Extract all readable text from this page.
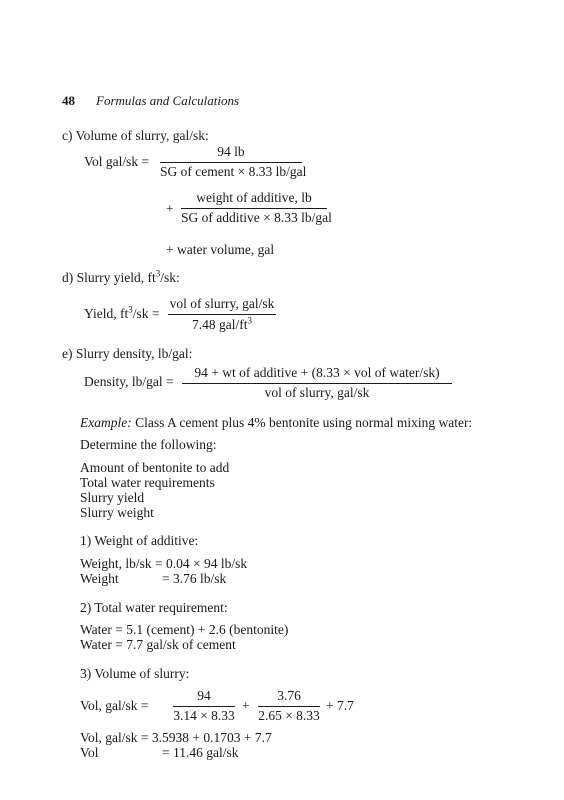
48 Formulas and Calculations
c) Volume of slurry, gal/sk:
Vol gal/sk =
94 lb
SG of cement × 8.33 lb/gal
+
weight of additive, lb
SG of additive × 8.33 lb/gal
+ water volume, gal
d) Slurry yield, $ft^3/sk$:
Yield, $ft^3/sk$ =
vol of slurry, gal/sk
7.48 gal/$ft^3$
e) Slurry density, lb/gal:
Density, lb/gal =
94 + wt of additive + (8.33 × vol of water/sk)
vol of slurry, gal/sk
Example: Class A cement plus 4% bentonite using normal mixing water:
Determine the following:
Amount of bentonite to add
Total water requirements
Slurry yield
Slurry weight
1) Weight of additive:
Weight, lb/sk = 0.04 × 94 lb/sk
Weight	= 3.76 lb/sk
2) Total water requirement:
Water = 5.1 (cement) + 2.6 (bentonite)
Water = 7.7 gal/sk of cement
3) Volume of slurry:
Vol, gal/sk =
94
3.14 × 8.33
+
3.76
2.65 × 8.33
+ 7.7
Vol, gal/sk = 3.5938 + 0.1703 + 7.7
Vol	= 11.46 gal/sk
